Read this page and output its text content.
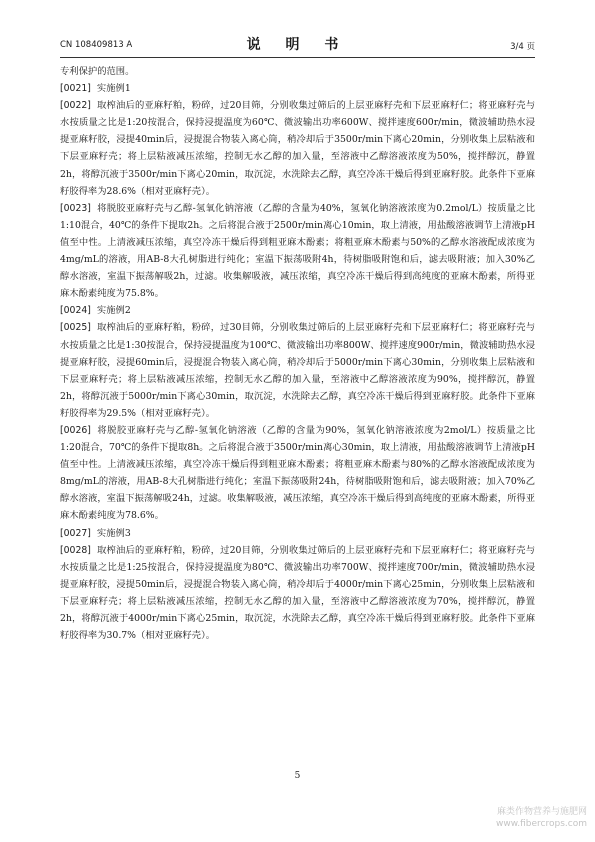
CN 108409813 A	说 明 书	3/4 页

专利保护的范围。

[0021] 实施例1

[0022] 取榨油后的亚麻籽粕，粉碎，过20目筛，分别收集过筛后的上层亚麻籽壳和下层亚麻籽仁；将亚麻籽壳与水按质量之比是1:20按混合，保持浸提温度为60℃、微波输出功率600W、搅拌速度600r/min，微波辅助热水浸提亚麻籽胶，浸提40min后，浸提混合物装入离心筒，稍冷却后于3500r/min下离心20min，分别收集上层粘液和下层亚麻籽壳；将上层粘液减压浓缩，控制无水乙醇的加入量，至溶液中乙醇溶液浓度为50%，搅拌醇沉，静置2h，将醇沉液于3500r/min下离心20min，取沉淀，水洗除去乙醇，真空冷冻干燥后得到亚麻籽胶。此条件下亚麻籽胶得率为28.6%（相对亚麻籽壳）。

[0023] 将脱胶亚麻籽壳与乙醇-氢氧化钠溶液（乙醇的含量为40%，氢氧化钠溶液浓度为0.2mol/L）按质量之比1:10混合，40℃的条件下提取2h。之后将混合液于2500r/min离心10min，取上清液，用盐酸溶液调节上清液pH值至中性。上清液减压浓缩，真空冷冻干燥后得到粗亚麻木酚素；将粗亚麻木酚素与50%的乙醇水溶液配成浓度为4mg/mL的溶液，用AB-8大孔树脂进行纯化；室温下振荡吸附4h，待树脂吸附饱和后，滤去吸附液；加入30%乙醇水溶液，室温下振荡解吸2h，过滤。收集解吸液，减压浓缩，真空冷冻干燥后得到高纯度的亚麻木酚素，所得亚麻木酚素纯度为75.8%。

[0024] 实施例2

[0025] 取榨油后的亚麻籽粕，粉碎，过30目筛，分别收集过筛后的上层亚麻籽壳和下层亚麻籽仁；将亚麻籽壳与水按质量之比是1:30按混合，保持浸提温度为100℃、微波输出功率800W、搅拌速度900r/min，微波辅助热水浸提亚麻籽胶，浸提60min后，浸提混合物装入离心筒，稍冷却后于5000r/min下离心30min，分别收集上层粘液和下层亚麻籽壳；将上层粘液减压浓缩，控制无水乙醇的加入量，至溶液中乙醇溶液浓度为90%，搅拌醇沉，静置2h，将醇沉液于5000r/min下离心30min，取沉淀，水洗除去乙醇，真空冷冻干燥后得到亚麻籽胶。此条件下亚麻籽胶得率为29.5%（相对亚麻籽壳）。

[0026] 将脱胶亚麻籽壳与乙醇-氢氧化钠溶液（乙醇的含量为90%，氢氧化钠溶液浓度为2mol/L）按质量之比1:20混合，70℃的条件下提取8h。之后将混合液于3500r/min离心30min，取上清液，用盐酸溶液调节上清液pH值至中性。上清液减压浓缩，真空冷冻干燥后得到粗亚麻木酚素；将粗亚麻木酚素与80%的乙醇水溶液配成浓度为8mg/mL的溶液，用AB-8大孔树脂进行纯化；室温下振荡吸附24h，待树脂吸附饱和后，滤去吸附液；加入70%乙醇水溶液，室温下振荡解吸24h，过滤。收集解吸液，减压浓缩，真空冷冻干燥后得到高纯度的亚麻木酚素，所得亚麻木酚素纯度为78.6%。

[0027] 实施例3

[0028] 取榨油后的亚麻籽粕，粉碎，过20目筛，分别收集过筛后的上层亚麻籽壳和下层亚麻籽仁；将亚麻籽壳与水按质量之比是1:25按混合，保持浸提温度为80℃、微波输出功率700W、搅拌速度700r/min，微波辅助热水浸提亚麻籽胶，浸提50min后，浸提混合物装入离心筒，稍冷却后于4000r/min下离心25min，分别收集上层粘液和下层亚麻籽壳；将上层粘液减压浓缩，控制无水乙醇的加入量，至溶液中乙醇溶液浓度为70%，搅拌醇沉，静置2h，将醇沉液于4000r/min下离心25min，取沉淀，水洗除去乙醇，真空冷冻干燥后得到亚麻籽胶。此条件下亚麻籽胶得率为30.7%（相对亚麻籽壳）。

5
麻类作物营养与施肥网
www.fibercrops.com
